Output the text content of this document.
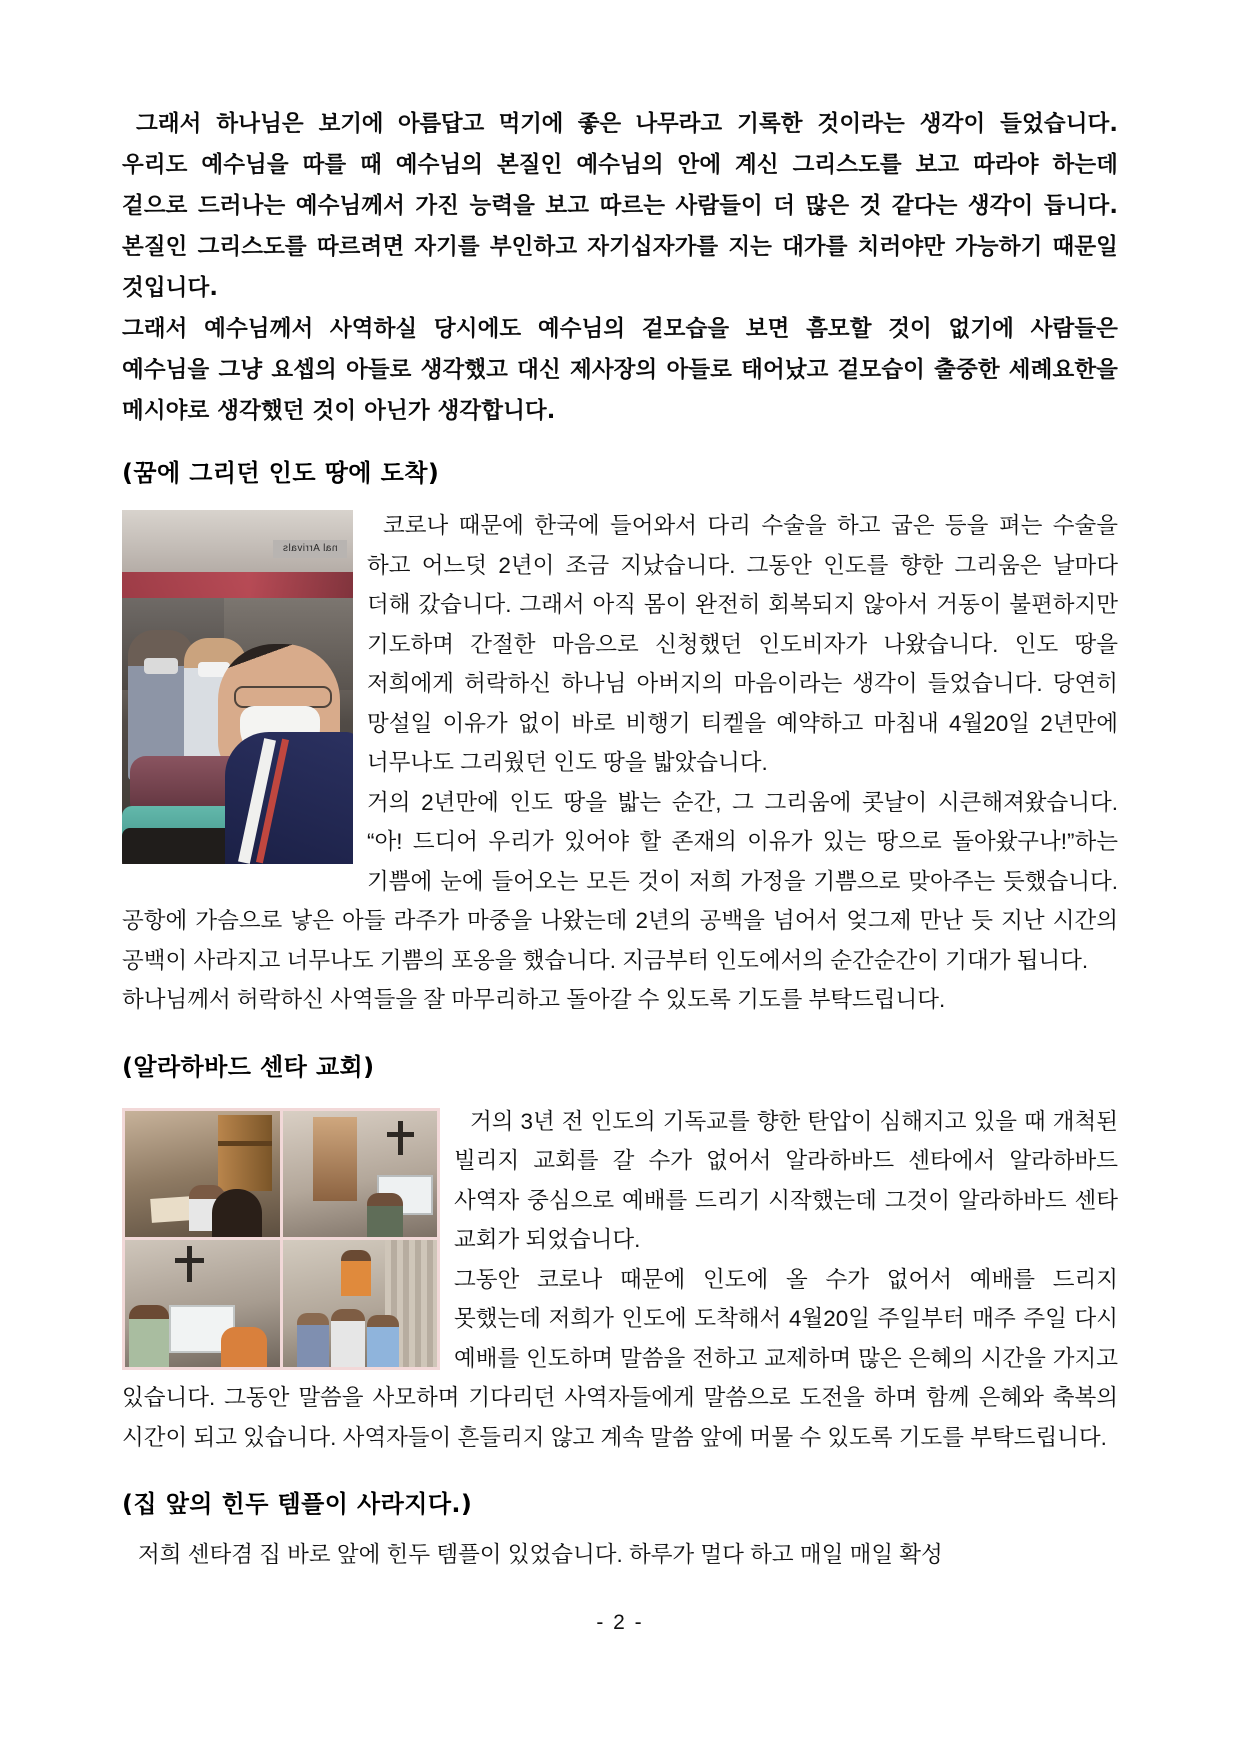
그래서 하나님은 보기에 아름답고 먹기에 좋은 나무라고 기록한 것이라는 생각이 들었습니다. 우리도 예수님을 따를 때 예수님의 본질인 예수님의 안에 계신 그리스도를 보고 따라야 하는데 겉으로 드러나는 예수님께서 가진 능력을 보고 따르는 사람들이 더 많은 것 같다는 생각이 듭니다. 본질인 그리스도를 따르려면 자기를 부인하고 자기십자가를 지는 대가를 치러야만 가능하기 때문일 것입니다.

그래서 예수님께서 사역하실 당시에도 예수님의 겉모습을 보면 흠모할 것이 없기에 사람들은 예수님을 그냥 요셉의 아들로 생각했고 대신 제사장의 아들로 태어났고 겉모습이 출중한 세례요한을 메시야로 생각했던 것이 아닌가 생각합니다.

(꿈에 그리던 인도 땅에 도착)
nal Arrivals

코로나 때문에 한국에 들어와서 다리 수술을 하고 굽은 등을 펴는 수술을 하고 어느덧 2년이 조금 지났습니다. 그동안 인도를 향한 그리움은 날마다 더해 갔습니다. 그래서 아직 몸이 완전히 회복되지 않아서 거동이 불편하지만 기도하며 간절한 마음으로 신청했던 인도비자가 나왔습니다. 인도 땅을 저희에게 허락하신 하나님 아버지의 마음이라는 생각이 들었습니다. 당연히 망설일 이유가 없이 바로 비행기 티켙을 예약하고 마침내 4월20일 2년만에 너무나도 그리웠던 인도 땅을 밟았습니다.

거의 2년만에 인도 땅을 밟는 순간, 그 그리움에 콧날이 시큰해져왔습니다. “아! 드디어 우리가 있어야 할 존재의 이유가 있는 땅으로 돌아왔구나!”하는 기쁨에 눈에 들어오는 모든 것이 저희 가정을 기쁨으로 맞아주는 듯했습니다. 공항에 가슴으로 낳은 아들 라주가 마중을 나왔는데 2년의 공백을 넘어서 엊그제 만난 듯 지난 시간의 공백이 사라지고 너무나도 기쁨의 포옹을 했습니다. 지금부터 인도에서의 순간순간이 기대가 됩니다.

하나님께서 허락하신 사역들을 잘 마무리하고 돌아갈 수 있도록 기도를 부탁드립니다.

(알라하바드 센타 교회)

거의 3년 전 인도의 기독교를 향한 탄압이 심해지고 있을 때 개척된 빌리지 교회를 갈 수가 없어서 알라하바드 센타에서 알라하바드 사역자 중심으로 예배를 드리기 시작했는데 그것이 알라하바드 센타 교회가 되었습니다.

그동안 코로나 때문에 인도에 올 수가 없어서 예배를 드리지 못했는데 저희가 인도에 도착해서 4월20일 주일부터 매주 주일 다시 예배를 인도하며 말씀을 전하고 교제하며 많은 은혜의 시간을 가지고 있습니다. 그동안 말씀을 사모하며 기다리던 사역자들에게 말씀으로 도전을 하며 함께 은혜와 축복의 시간이 되고 있습니다. 사역자들이 흔들리지 않고 계속 말씀 앞에 머물 수 있도록 기도를 부탁드립니다.

(집 앞의 힌두 템플이 사라지다.)

저희 센타겸 집 바로 앞에 힌두 템플이 있었습니다. 하루가 멀다 하고 매일 매일 확성

- 2 -
